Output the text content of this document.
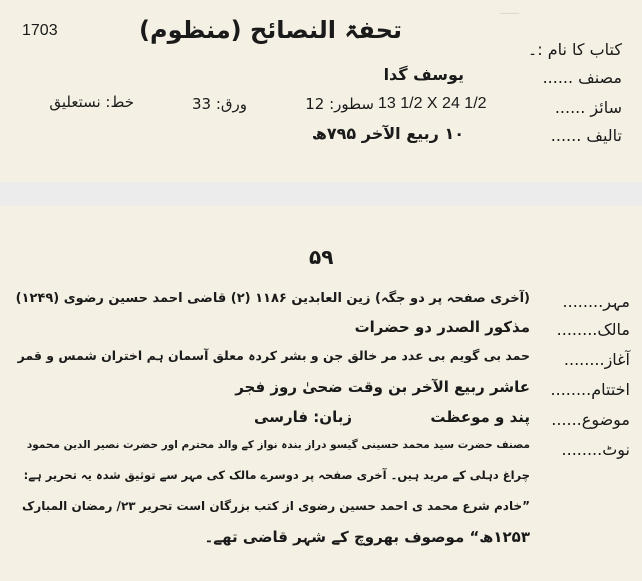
ـــــ
1703	تحفۃ النصائح (منظوم)
کتاب کا نام :۔
مصنف ......
یوسف گدا
سائز ......
13 1/2 X 24 1/2
سطور: 12
ورق: 33
خط: نستعلیق
تالیف ......
۱۰ ربیع الآخر ۷۹۵ھ
۵۹
مہر........
(آخری صفحہ پر دو جگہ) زین العابدین ۱۱۸۶ (۲) قاضی احمد حسین رضوی (۱۲۴۹)
مالک........
مذکور الصدر دو حضرات
آغاز........
حمد بی گویم بی عدد مر خالق جن و بشر کردہ معلق آسمان ہم اختران شمس و قمر
اختتام........
عاشر ربیع الآخر بن وقت ضحیٰ روز فجر
موضوع......
پند و موعظت
زبان: فارسی
نوٹ........
مصنف حضرت سید محمد حسینی گیسو دراز بندہ نواز کے والد محترم اور حضرت نصیر الدین محمود
چراغ دہلی کے مرید ہیں۔ آخری صفحہ پر دوسرے مالک کی مہر سے توثیق شدہ یہ تحریر ہے:
”خادم شرع محمد ی احمد حسین رضوی از کتب بزرگان است تحریر ۲۳/ رمضان المبارک
۱۲۵۳ھ“ موصوف بھروچ کے شہر قاضی تھے۔
